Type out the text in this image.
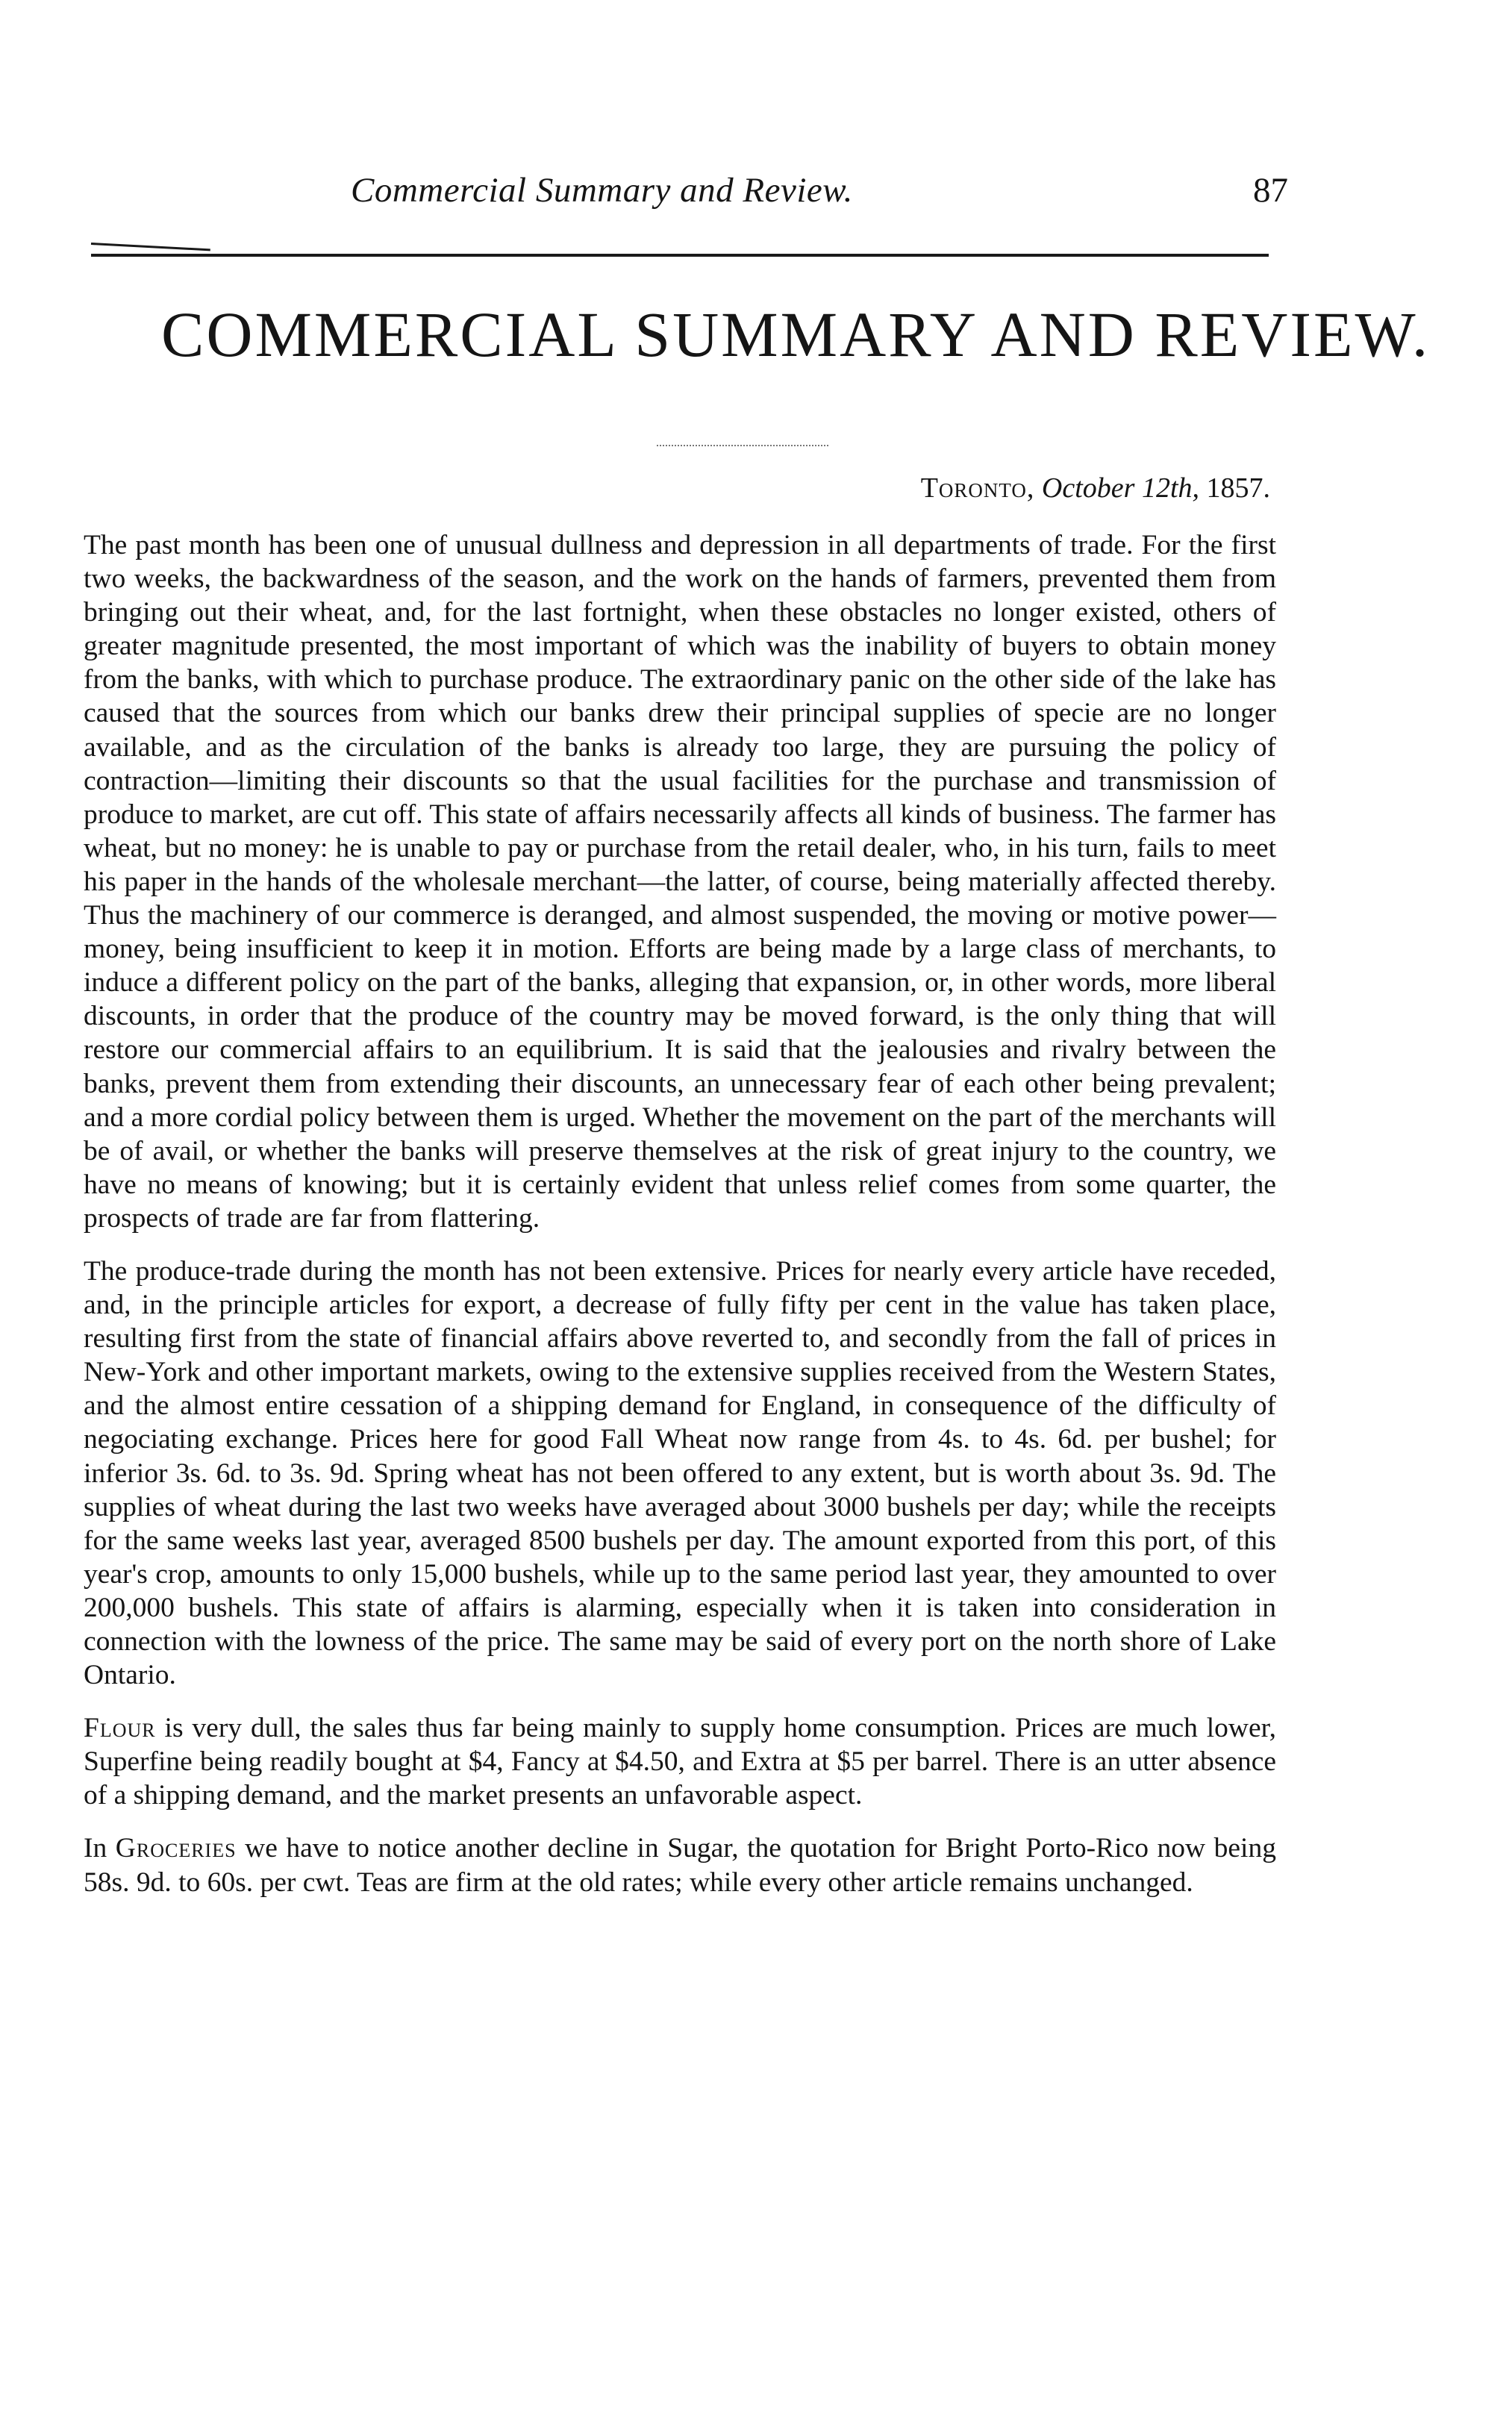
Commercial Summary and Review.	87
COMMERCIAL SUMMARY AND REVIEW.
Toronto, October 12th, 1857.

The past month has been one of unusual dullness and depression in all departments of trade. For the first two weeks, the backwardness of the season, and the work on the hands of farmers, prevented them from bringing out their wheat, and, for the last fortnight, when these obstacles no longer existed, others of greater magnitude presented, the most important of which was the inability of buyers to obtain money from the banks, with which to purchase produce. The extraordinary panic on the other side of the lake has caused that the sources from which our banks drew their principal supplies of specie are no longer available, and as the circulation of the banks is already too large, they are pursuing the policy of contraction—limiting their discounts so that the usual facilities for the purchase and transmission of produce to market, are cut off. This state of affairs necessarily affects all kinds of business. The farmer has wheat, but no money: he is unable to pay or purchase from the retail dealer, who, in his turn, fails to meet his paper in the hands of the wholesale merchant—the latter, of course, being materially affected thereby. Thus the machinery of our commerce is deranged, and almost suspended, the moving or motive power—money, being insufficient to keep it in motion. Efforts are being made by a large class of merchants, to induce a different policy on the part of the banks, alleging that expansion, or, in other words, more liberal discounts, in order that the produce of the country may be moved forward, is the only thing that will restore our commercial affairs to an equilibrium. It is said that the jealousies and rivalry between the banks, prevent them from extending their discounts, an unnecessary fear of each other being prevalent; and a more cordial policy between them is urged. Whether the movement on the part of the merchants will be of avail, or whether the banks will preserve themselves at the risk of great injury to the country, we have no means of knowing; but it is certainly evident that unless relief comes from some quarter, the prospects of trade are far from flattering.

The produce-trade during the month has not been extensive. Prices for nearly every article have receded, and, in the principle articles for export, a decrease of fully fifty per cent in the value has taken place, resulting first from the state of financial affairs above reverted to, and secondly from the fall of prices in New-York and other important markets, owing to the extensive supplies received from the Western States, and the almost entire cessation of a shipping demand for England, in consequence of the difficulty of negociating exchange. Prices here for good Fall Wheat now range from 4s. to 4s. 6d. per bushel; for inferior 3s. 6d. to 3s. 9d. Spring wheat has not been offered to any extent, but is worth about 3s. 9d. The supplies of wheat during the last two weeks have averaged about 3000 bushels per day; while the receipts for the same weeks last year, averaged 8500 bushels per day. The amount exported from this port, of this year's crop, amounts to only 15,000 bushels, while up to the same period last year, they amounted to over 200,000 bushels. This state of affairs is alarming, especially when it is taken into consideration in connection with the lowness of the price. The same may be said of every port on the north shore of Lake Ontario.

Flour is very dull, the sales thus far being mainly to supply home consumption. Prices are much lower, Superfine being readily bought at $4, Fancy at $4.50, and Extra at $5 per barrel. There is an utter absence of a shipping demand, and the market presents an unfavorable aspect.

In Groceries we have to notice another decline in Sugar, the quotation for Bright Porto-Rico now being 58s. 9d. to 60s. per cwt. Teas are firm at the old rates; while every other article remains unchanged.
